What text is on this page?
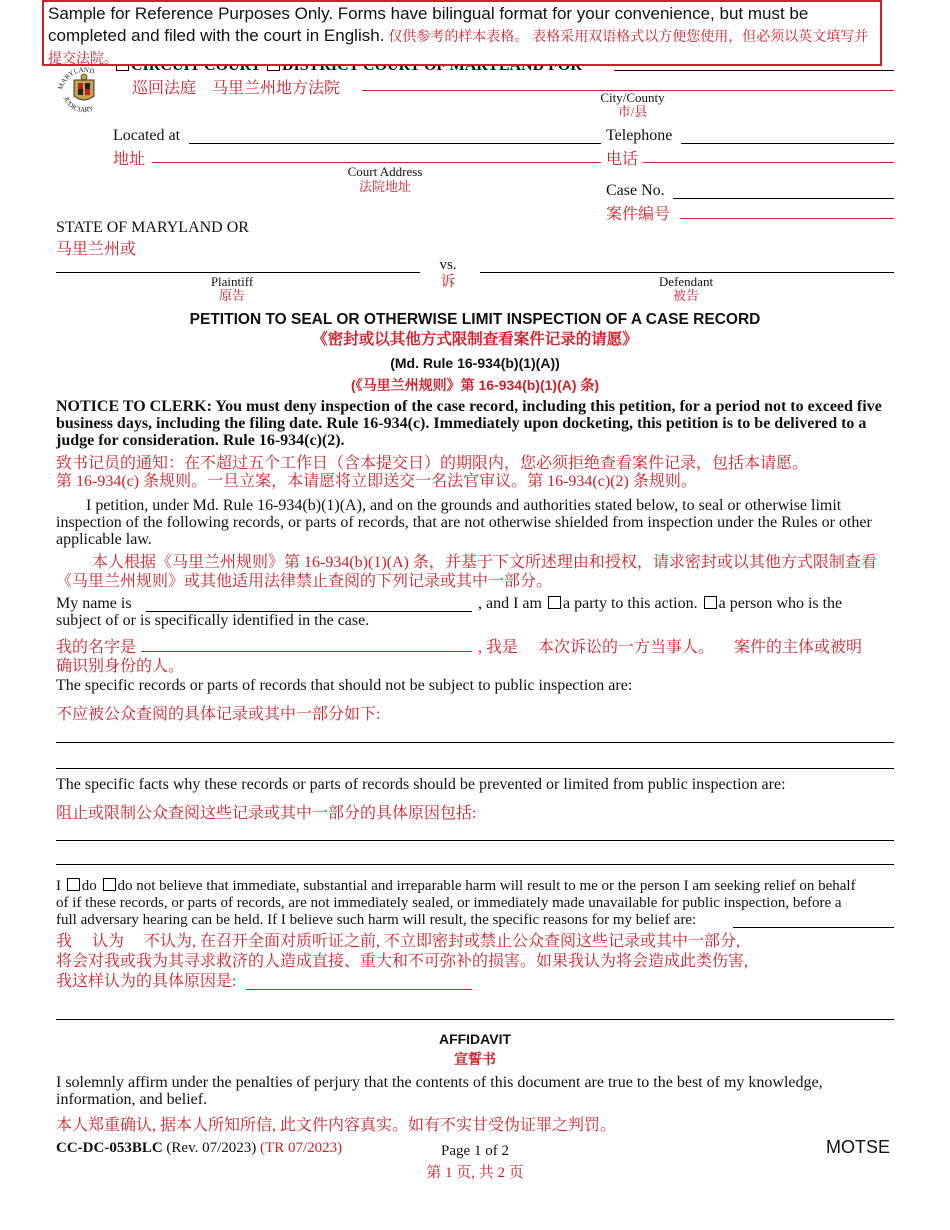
Sample for Reference Purposes Only. Forms have bilingual format for your convenience, but must be completed and filed with the court in English. 仅供参考的样本表格。 表格采用双语格式以方便您使用，但必须以英文填写并提交法院。
MARYLAND
JUDICIARY

巡回法庭 马里兰州地方法院
City/County
市/县
Located at
地址
Court Address
法院地址
Telephone
电话
Case No.
案件编号
STATE OF MARYLAND OR
马里兰州或
vs.
诉
Plaintiff
原告
Defendant
被告
PETITION TO SEAL OR OTHERWISE LIMIT INSPECTION OF A CASE RECORD
《密封或以其他方式限制查看案件记录的请愿》
(Md. Rule 16-934(b)(1)(A))
(《马里兰州规则》第 16-934(b)(1)(A) 条)
NOTICE TO CLERK: You must deny inspection of the case record, including this petition, for a period not to exceed five business days, including the filing date. Rule 16-934(c). Immediately upon docketing, this petition is to be delivered to a judge for consideration. Rule 16-934(c)(2).
致书记员的通知：在不超过五个工作日（含本提交日）的期限内，您必须拒绝查看案件记录，包括本请愿。
第 16-934(c) 条规则。一旦立案，本请愿将立即送交一名法官审议。第 16-934(c)(2) 条规则。
I petition, under Md. Rule 16-934(b)(1)(A), and on the grounds and authorities stated below, to seal or otherwise limit inspection of the following records, or parts of records, that are not otherwise shielded from inspection under the Rules or other applicable law.
本人根据《马里兰州规则》第 16-934(b)(1)(A) 条，并基于下文所述理由和授权，请求密封或以其他方式限制查看《马里兰州规则》或其他适用法律禁止查阅的下列记录或其中一部分。
My name is	, and I am a party to this action. a person who is the
subject of or is specifically identified in the case.
我的名字是	, 我是 本次诉讼的一方当事人。 案件的主体或被明
确识别身份的人。
The specific records or parts of records that should not be subject to public inspection are:
不应被公众查阅的具体记录或其中一部分如下:
The specific facts why these records or parts of records should be prevented or limited from public inspection are:
阻止或限制公众查阅这些记录或其中一部分的具体原因包括:
I do do not believe that immediate, substantial and irreparable harm will result to me or the person I am seeking relief on behalf
of if these records, or parts of records, are not immediately sealed, or immediately made unavailable for public inspection, before a
full adversary hearing can be held. If I believe such harm will result, the specific reasons for my belief are:
我 认为 不认为, 在召开全面对质听证之前, 不立即密封或禁止公众查阅这些记录或其中一部分,
将会对我或我为其寻求救济的人造成直接、重大和不可弥补的损害。如果我认为将会造成此类伤害,
我这样认为的具体原因是:
AFFIDAVIT
宣誓书
I solemnly affirm under the penalties of perjury that the contents of this document are true to the best of my knowledge, information, and belief.
本人郑重确认, 据本人所知所信, 此文件内容真实。如有不实甘受伪证罪之判罚。
CC-DC-053BLC (Rev. 07/2023) (TR 07/2023)	Page 1 of 2
第 1 页, 共 2 页
MOTSE
